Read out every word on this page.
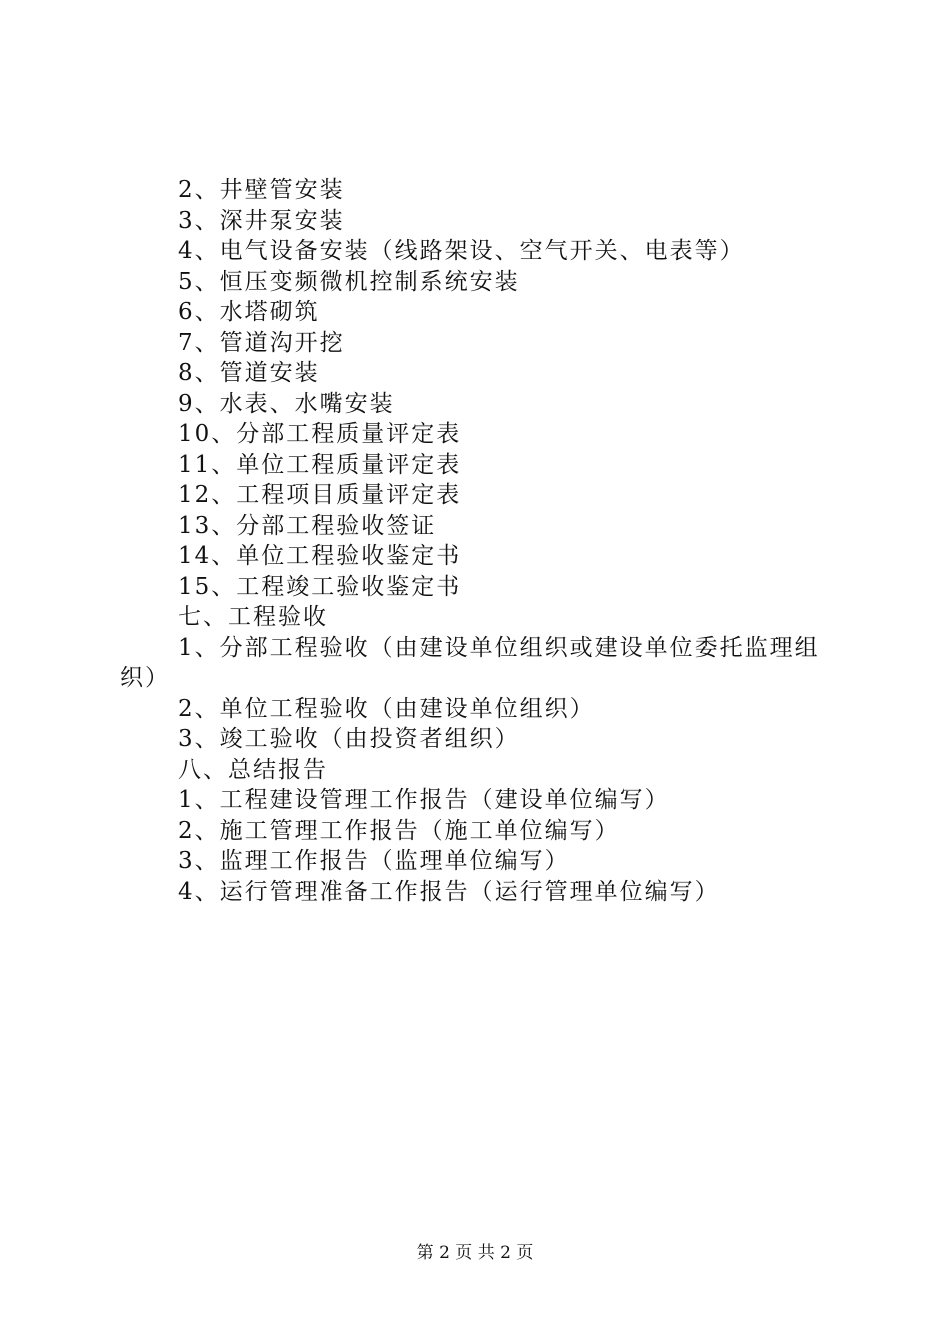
2、井壁管安装
3、深井泵安装
4、电气设备安装（线路架设、空气开关、电表等）
5、恒压变频微机控制系统安装
6、水塔砌筑
7、管道沟开挖
8、管道安装
9、水表、水嘴安装
10、分部工程质量评定表
11、单位工程质量评定表
12、工程项目质量评定表
13、分部工程验收签证
14、单位工程验收鉴定书
15、工程竣工验收鉴定书
七、工程验收
1、分部工程验收（由建设单位组织或建设单位委托监理组
织）
2、单位工程验收（由建设单位组织）
3、竣工验收（由投资者组织）
八、总结报告
1、工程建设管理工作报告（建设单位编写）
2、施工管理工作报告（施工单位编写）
3、监理工作报告（监理单位编写）
4、运行管理准备工作报告（运行管理单位编写）
第 2 页 共 2 页
